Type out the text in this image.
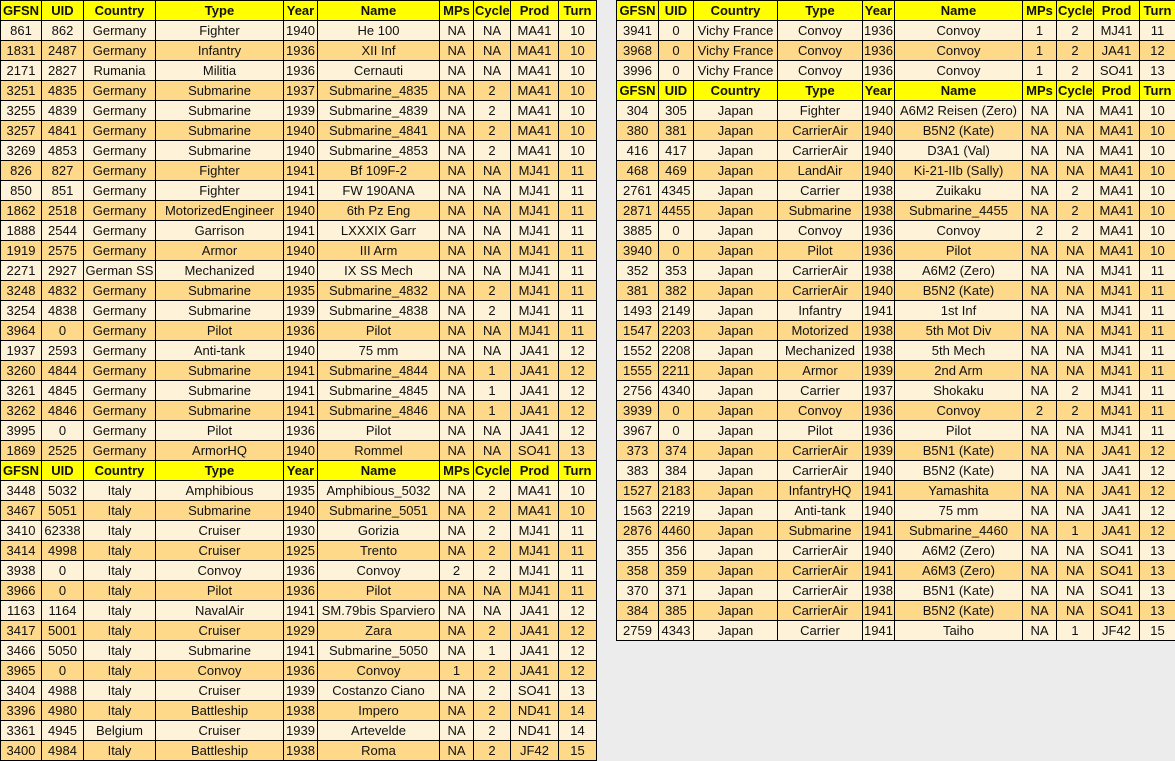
GFSN	UID	Country	Type	Year	Name	MPs	Cycle	Prod	Turn
861	862	Germany	Fighter	1940	He 100	NA	NA	MA41	10
1831	2487	Germany	Infantry	1936	XII Inf	NA	NA	MA41	10
2171	2827	Rumania	Militia	1936	Cernauti	NA	NA	MA41	10
3251	4835	Germany	Submarine	1937	Submarine_4835	NA	2	MA41	10
3255	4839	Germany	Submarine	1939	Submarine_4839	NA	2	MA41	10
3257	4841	Germany	Submarine	1940	Submarine_4841	NA	2	MA41	10
3269	4853	Germany	Submarine	1940	Submarine_4853	NA	2	MA41	10
826	827	Germany	Fighter	1941	Bf 109F-2	NA	NA	MJ41	11
850	851	Germany	Fighter	1941	FW 190ANA	NA	NA	MJ41	11
1862	2518	Germany	MotorizedEngineer	1940	6th Pz Eng	NA	NA	MJ41	11
1888	2544	Germany	Garrison	1941	LXXXIX Garr	NA	NA	MJ41	11
1919	2575	Germany	Armor	1940	III Arm	NA	NA	MJ41	11
2271	2927	German SS	Mechanized	1940	IX SS Mech	NA	NA	MJ41	11
3248	4832	Germany	Submarine	1935	Submarine_4832	NA	2	MJ41	11
3254	4838	Germany	Submarine	1939	Submarine_4838	NA	2	MJ41	11
3964	0	Germany	Pilot	1936	Pilot	NA	NA	MJ41	11
1937	2593	Germany	Anti-tank	1940	75 mm	NA	NA	JA41	12
3260	4844	Germany	Submarine	1941	Submarine_4844	NA	1	JA41	12
3261	4845	Germany	Submarine	1941	Submarine_4845	NA	1	JA41	12
3262	4846	Germany	Submarine	1941	Submarine_4846	NA	1	JA41	12
3995	0	Germany	Pilot	1936	Pilot	NA	NA	JA41	12
1869	2525	Germany	ArmorHQ	1940	Rommel	NA	NA	SO41	13
GFSN	UID	Country	Type	Year	Name	MPs	Cycle	Prod	Turn
3448	5032	Italy	Amphibious	1935	Amphibious_5032	NA	2	MA41	10
3467	5051	Italy	Submarine	1940	Submarine_5051	NA	2	MA41	10
3410	62338	Italy	Cruiser	1930	Gorizia	NA	2	MJ41	11
3414	4998	Italy	Cruiser	1925	Trento	NA	2	MJ41	11
3938	0	Italy	Convoy	1936	Convoy	2	2	MJ41	11
3966	0	Italy	Pilot	1936	Pilot	NA	NA	MJ41	11
1163	1164	Italy	NavalAir	1941	SM.79bis Sparviero	NA	NA	JA41	12
3417	5001	Italy	Cruiser	1929	Zara	NA	2	JA41	12
3466	5050	Italy	Submarine	1941	Submarine_5050	NA	1	JA41	12
3965	0	Italy	Convoy	1936	Convoy	1	2	JA41	12
3404	4988	Italy	Cruiser	1939	Costanzo Ciano	NA	2	SO41	13
3396	4980	Italy	Battleship	1938	Impero	NA	2	ND41	14
3361	4945	Belgium	Cruiser	1939	Artevelde	NA	2	ND41	14
3400	4984	Italy	Battleship	1938	Roma	NA	2	JF42	15
GFSN	UID	Country	Type	Year	Name	MPs	Cycle	Prod	Turn
3941	0	Vichy France	Convoy	1936	Convoy	1	2	MJ41	11
3968	0	Vichy France	Convoy	1936	Convoy	1	2	JA41	12
3996	0	Vichy France	Convoy	1936	Convoy	1	2	SO41	13
GFSN	UID	Country	Type	Year	Name	MPs	Cycle	Prod	Turn
304	305	Japan	Fighter	1940	A6M2 Reisen (Zero)	NA	NA	MA41	10
380	381	Japan	CarrierAir	1940	B5N2 (Kate)	NA	NA	MA41	10
416	417	Japan	CarrierAir	1940	D3A1 (Val)	NA	NA	MA41	10
468	469	Japan	LandAir	1940	Ki-21-IIb (Sally)	NA	NA	MA41	10
2761	4345	Japan	Carrier	1938	Zuikaku	NA	2	MA41	10
2871	4455	Japan	Submarine	1938	Submarine_4455	NA	2	MA41	10
3885	0	Japan	Convoy	1936	Convoy	2	2	MA41	10
3940	0	Japan	Pilot	1936	Pilot	NA	NA	MA41	10
352	353	Japan	CarrierAir	1938	A6M2 (Zero)	NA	NA	MJ41	11
381	382	Japan	CarrierAir	1940	B5N2 (Kate)	NA	NA	MJ41	11
1493	2149	Japan	Infantry	1941	1st Inf	NA	NA	MJ41	11
1547	2203	Japan	Motorized	1938	5th Mot Div	NA	NA	MJ41	11
1552	2208	Japan	Mechanized	1938	5th Mech	NA	NA	MJ41	11
1555	2211	Japan	Armor	1939	2nd Arm	NA	NA	MJ41	11
2756	4340	Japan	Carrier	1937	Shokaku	NA	2	MJ41	11
3939	0	Japan	Convoy	1936	Convoy	2	2	MJ41	11
3967	0	Japan	Pilot	1936	Pilot	NA	NA	MJ41	11
373	374	Japan	CarrierAir	1939	B5N1 (Kate)	NA	NA	JA41	12
383	384	Japan	CarrierAir	1940	B5N2 (Kate)	NA	NA	JA41	12
1527	2183	Japan	InfantryHQ	1941	Yamashita	NA	NA	JA41	12
1563	2219	Japan	Anti-tank	1940	75 mm	NA	NA	JA41	12
2876	4460	Japan	Submarine	1941	Submarine_4460	NA	1	JA41	12
355	356	Japan	CarrierAir	1940	A6M2 (Zero)	NA	NA	SO41	13
358	359	Japan	CarrierAir	1941	A6M3 (Zero)	NA	NA	SO41	13
370	371	Japan	CarrierAir	1938	B5N1 (Kate)	NA	NA	SO41	13
384	385	Japan	CarrierAir	1941	B5N2 (Kate)	NA	NA	SO41	13
2759	4343	Japan	Carrier	1941	Taiho	NA	1	JF42	15
